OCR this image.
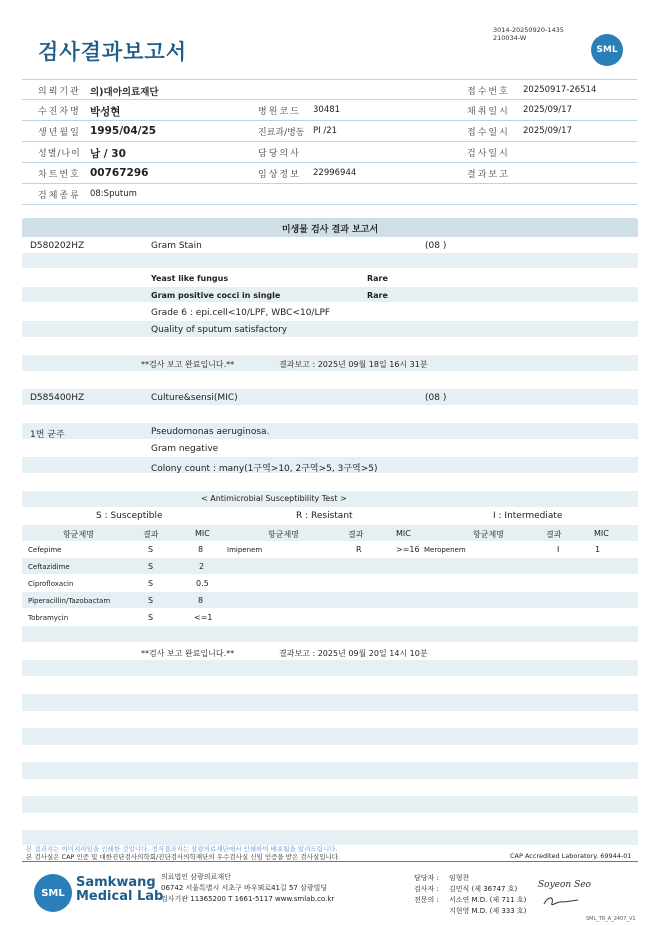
검사결과보고서
3014-20250920-1435
210034-W
SML
의뢰기관 의)대아의료재단	접수번호 20250917-26514
수진자명 박성현	병원코드 30481	채취일시 2025/09/17
생년월일 1995/04/25	진료과/병동 PI /21	접수일시 2025/09/17
성별/나이 남 / 30	담당의사	검사일시
차트번호 00767296	임상정보 22996944	결과보고
검체종류 08:Sputum
미생물 검사 결과 보고서
D580202HZ	Gram Stain	(08 )
Yeast like fungus	Rare
Gram positive cocci in single	Rare
Grade 6 : epi.cell<10/LPF, WBC<10/LPF
Quality of sputum satisfactory
**검사 보고 완료입니다.**	결과보고 : 2025년 09월 18일 16시 31분
D585400HZ	Culture&sensi(MIC)	(08 )
1번 균주	Pseudomonas aeruginosa.
Gram negative
Colony count : many(1구역>10, 2구역>5, 3구역>5)
< Antimicrobial Susceptibility Test >
S : Susceptible	R : Resistant	I : Intermediate
항균제명	결과	MIC	항균제명	결과	MIC	항균제명	결과	MIC
Cefepime	S	8	Imipenem	R	>=16 Meropenem	I	1
Ceftazidime	S	2
Ciprofloxacin	S	0.5
Piperacillin/Tazobactam	S	8
Tobramycin	S	<=1
**검사 보고 완료입니다.**	결과보고 : 2025년 09월 20일 14시 10분
본 결과지는 이미지파일을 인쇄한 것입니다. 정식결과지는 삼광의료재단에서 인쇄하여 배포됨을 알려드립니다.
본 검사실은 CAP 인증 및 대한진단검사의학회/진단검사의학재단의 우수검사실 신임 인증을 받은 검사실입니다.	CAP Accredited Laboratory. 69944-01
SML
Samkwang
Medical Lab
의료법인 삼광의료재단
06742 서울특별시 서초구 바우뫼로41길 57 삼광빌딩
검사기관 11365200 T 1661-5117 www.smlab.co.kr
담당자 : 임형찬
검사자 : 김민식 (제 36747 호)
전문의 : 서소연 M.D. (제 711 호)
지현영 M.D. (제 333 호)
Soyeon Seo
SML_TR_A_2407_V1
